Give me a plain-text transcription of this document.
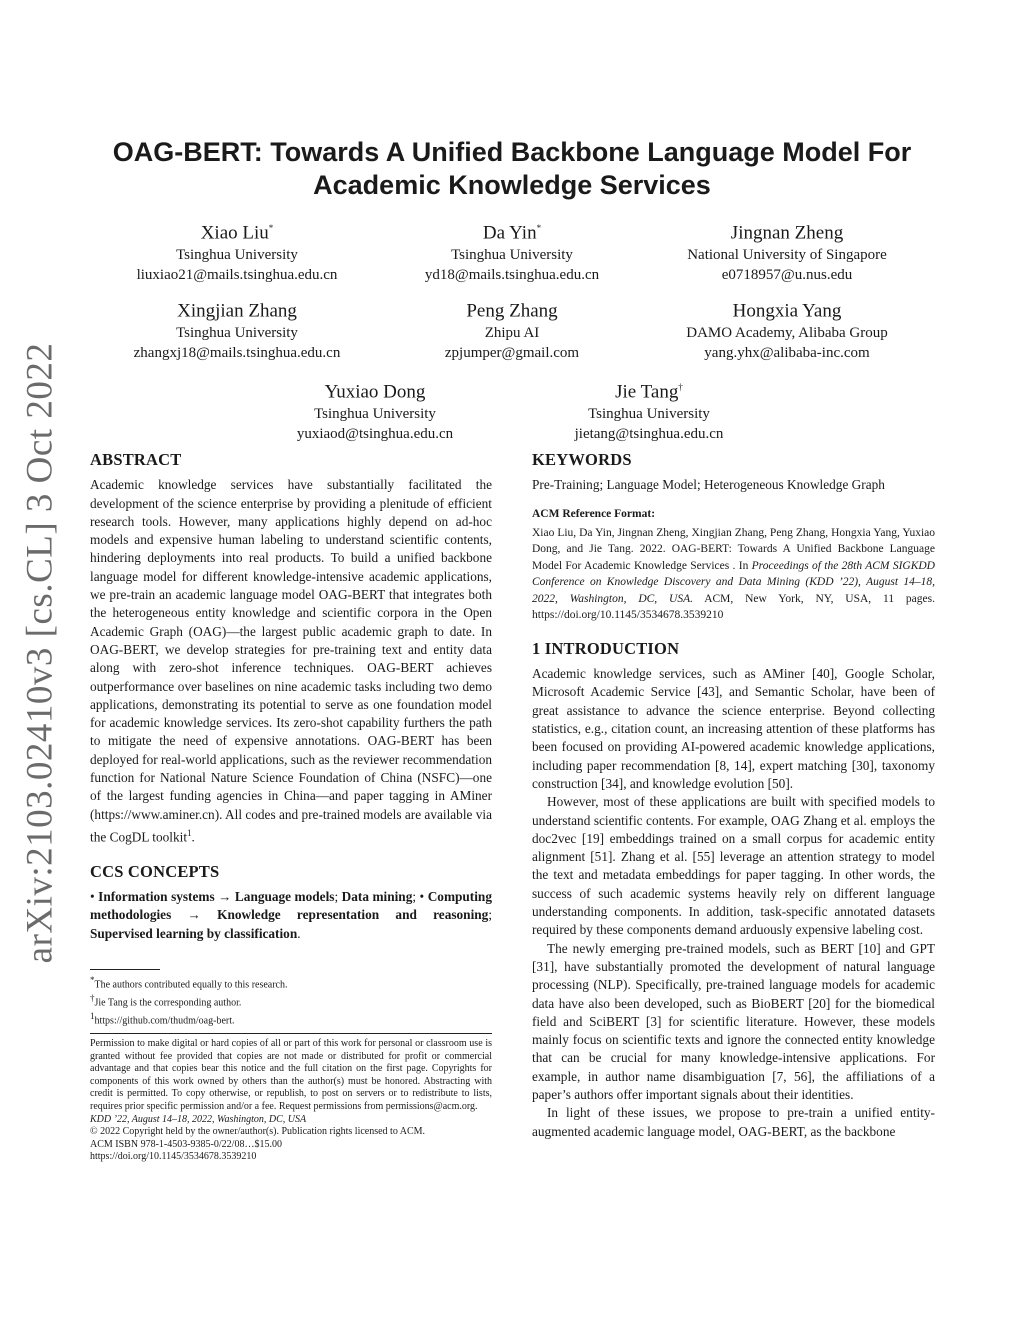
arXiv:2103.02410v3 [cs.CL] 3 Oct 2022
OAG-BERT: Towards A Unified Backbone Language Model For
Academic Knowledge Services
Xiao Liu*
Tsinghua University
liuxiao21@mails.tsinghua.edu.cn
Da Yin*
Tsinghua University
yd18@mails.tsinghua.edu.cn
Jingnan Zheng
National University of Singapore
e0718957@u.nus.edu
Xingjian Zhang
Tsinghua University
zhangxj18@mails.tsinghua.edu.cn
Peng Zhang
Zhipu AI
zpjumper@gmail.com
Hongxia Yang
DAMO Academy, Alibaba Group
yang.yhx@alibaba-inc.com
Yuxiao Dong
Tsinghua University
yuxiaod@tsinghua.edu.cn
Jie Tang†
Tsinghua University
jietang@tsinghua.edu.cn
ABSTRACT

Academic knowledge services have substantially facilitated the development of the science enterprise by providing a plenitude of efficient research tools. However, many applications highly depend on ad-hoc models and expensive human labeling to understand scientific contents, hindering deployments into real products. To build a unified backbone language model for different knowledge-intensive academic applications, we pre-train an academic language model OAG-BERT that integrates both the heterogeneous entity knowledge and scientific corpora in the Open Academic Graph (OAG)—the largest public academic graph to date. In OAG-BERT, we develop strategies for pre-training text and entity data along with zero-shot inference techniques. OAG-BERT achieves outperformance over baselines on nine academic tasks including two demo applications, demonstrating its potential to serve as one foundation model for academic knowledge services. Its zero-shot capability furthers the path to mitigate the need of expensive annotations. OAG-BERT has been deployed for real-world applications, such as the reviewer recommendation function for National Nature Science Foundation of China (NSFC)—one of the largest funding agencies in China—and paper tagging in AMiner (https://www.aminer.cn). All codes and pre-trained models are available via the CogDL toolkit$^1$.

CCS CONCEPTS

• Information systems → Language models; Data mining; • Computing methodologies → Knowledge representation and reasoning; Supervised learning by classification.

*The authors contributed equally to this research.
†Jie Tang is the corresponding author.
$^1$https://github.com/thudm/oag-bert.

Permission to make digital or hard copies of all or part of this work for personal or classroom use is granted without fee provided that copies are not made or distributed for profit or commercial advantage and that copies bear this notice and the full citation on the first page. Copyrights for components of this work owned by others than the author(s) must be honored. Abstracting with credit is permitted. To copy otherwise, or republish, to post on servers or to redistribute to lists, requires prior specific permission and/or a fee. Request permissions from permissions@acm.org.

KDD ’22, August 14–18, 2022, Washington, DC, USA

© 2022 Copyright held by the owner/author(s). Publication rights licensed to ACM.

ACM ISBN 978-1-4503-9385-0/22/08…$15.00

https://doi.org/10.1145/3534678.3539210

KEYWORDS

Pre-Training; Language Model; Heterogeneous Knowledge Graph

ACM Reference Format:

Xiao Liu, Da Yin, Jingnan Zheng, Xingjian Zhang, Peng Zhang, Hongxia Yang, Yuxiao Dong, and Jie Tang. 2022. OAG-BERT: Towards A Unified Backbone Language Model For Academic Knowledge Services . In Proceedings of the 28th ACM SIGKDD Conference on Knowledge Discovery and Data Mining (KDD ’22), August 14–18, 2022, Washington, DC, USA. ACM, New York, NY, USA, 11 pages. https://doi.org/10.1145/3534678.3539210

1 INTRODUCTION

Academic knowledge services, such as AMiner [40], Google Scholar, Microsoft Academic Service [43], and Semantic Scholar, have been of great assistance to advance the science enterprise. Beyond collecting statistics, e.g., citation count, an increasing attention of these platforms has been focused on providing AI-powered academic knowledge applications, including paper recommendation [8, 14], expert matching [30], taxonomy construction [34], and knowledge evolution [50].

However, most of these applications are built with specified models to understand scientific contents. For example, OAG Zhang et al. employs the doc2vec [19] embeddings trained on a small corpus for academic entity alignment [51]. Zhang et al. [55] leverage an attention strategy to model the text and metadata embeddings for paper tagging. In other words, the success of such academic systems heavily rely on different language understanding components. In addition, task-specific annotated datasets required by these components demand arduously expensive labeling cost.

The newly emerging pre-trained models, such as BERT [10] and GPT [31], have substantially promoted the development of natural language processing (NLP). Specifically, pre-trained language models for academic data have also been developed, such as BioBERT [20] for the biomedical field and SciBERT [3] for scientific literature. However, these models mainly focus on scientific texts and ignore the connected entity knowledge that can be crucial for many knowledge-intensive applications. For example, in author name disambiguation [7, 56], the affiliations of a paper’s authors offer important signals about their identities.

In light of these issues, we propose to pre-train a unified entity-augmented academic language model, OAG-BERT, as the backbone
